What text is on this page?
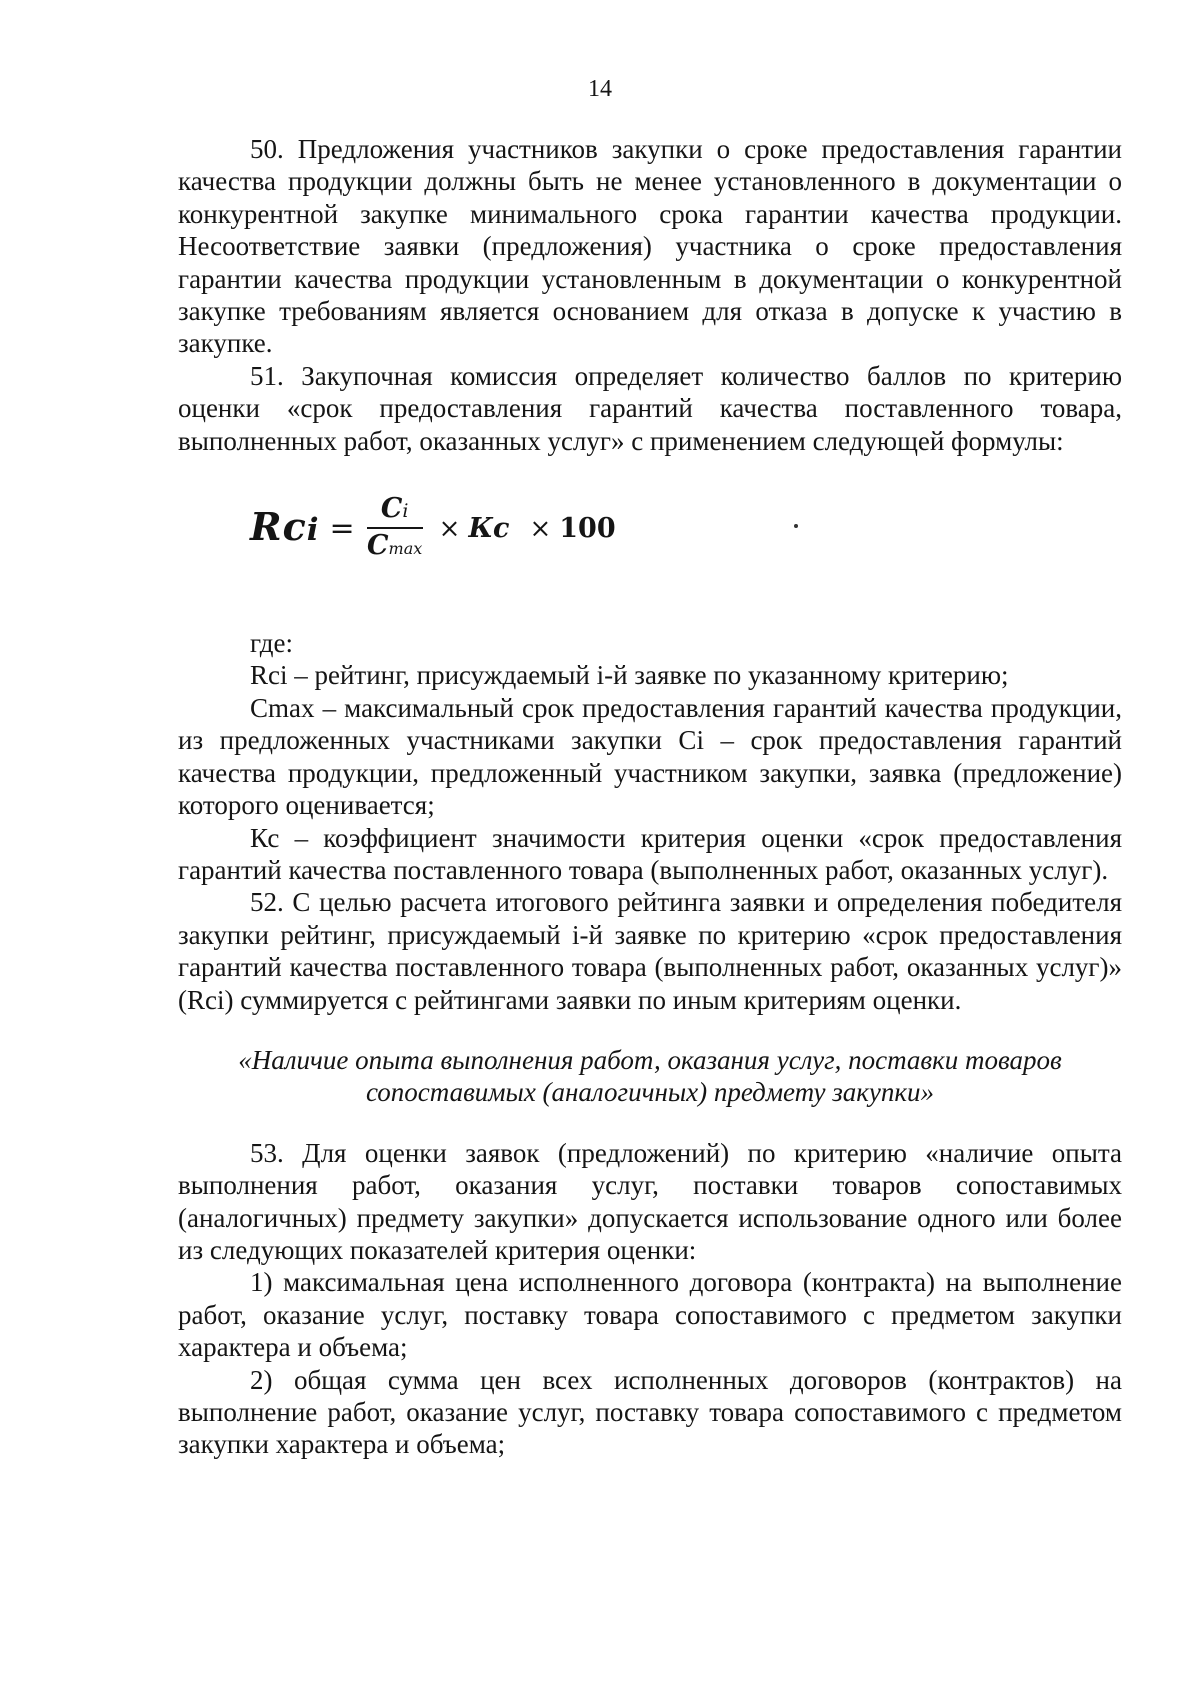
14

50. Предложения участников закупки о сроке предоставления гарантии качества продукции должны быть не менее установленного в документации о конкурентной закупке минимального срока гарантии качества продукции. Несоответствие заявки (предложения) участника о сроке предоставления гарантии качества продукции установленным в документации о конкурентной закупке требованиям является основанием для отказа в допуске к участию в закупке.

51. Закупочная комиссия определяет количество баллов по критерию оценки «срок предоставления гарантий качества поставленного товара, выполненных работ, оказанных услуг» с применением следующей формулы:

Rci = $\frac{Ci}{Cmax}$ × Кc × 100

где:

Rci – рейтинг, присуждаемый i-й заявке по указанному критерию;

Cmax – максимальный срок предоставления гарантий качества продукции, из предложенных участниками закупки Ci – срок предоставления гарантий качества продукции, предложенный участником закупки, заявка (предложение) которого оценивается;

Кс – коэффициент значимости критерия оценки «срок предоставления гарантий качества поставленного товара (выполненных работ, оказанных услуг).

52. С целью расчета итогового рейтинга заявки и определения победителя закупки рейтинг, присуждаемый i-й заявке по критерию «срок предоставления гарантий качества поставленного товара (выполненных работ, оказанных услуг)» (Rci) суммируется с рейтингами заявки по иным критериям оценки.

«Наличие опыта выполнения работ, оказания услуг, поставки товаров сопоставимых (аналогичных) предмету закупки»

53. Для оценки заявок (предложений) по критерию «наличие опыта выполнения работ, оказания услуг, поставки товаров сопоставимых (аналогичных) предмету закупки» допускается использование одного или более из следующих показателей критерия оценки:

1) максимальная цена исполненного договора (контракта) на выполнение работ, оказание услуг, поставку товара сопоставимого с предметом закупки характера и объема;

2) общая сумма цен всех исполненных договоров (контрактов) на выполнение работ, оказание услуг, поставку товара сопоставимого с предметом закупки характера и объема;
